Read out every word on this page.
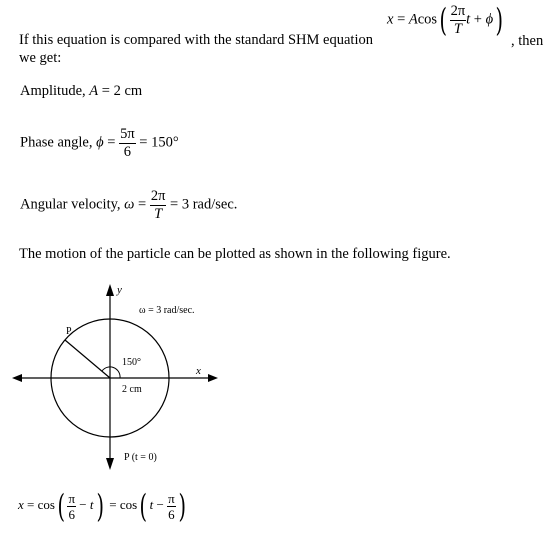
$x = Acos( \frac{2\pi}{T}$ t + ϕ)
, then
If this equation is compared with the standard SHM equation
we get:
Amplitude, A = 2 cm
Phase angle, $\phi = \frac{5\pi}{6} = 150^\circ$
Angular velocity, $\omega = \frac{2\pi}{T} = 3$ rad/sec.
The motion of the particle can be plotted as shown in the following figure.
y
x
ω = 3 rad/sec.
P
150°
2 cm
P (t = 0)
$x = \cos( \frac{\pi}{6} - t) = \cos$( $t - \frac{\pi}{6}$ )
